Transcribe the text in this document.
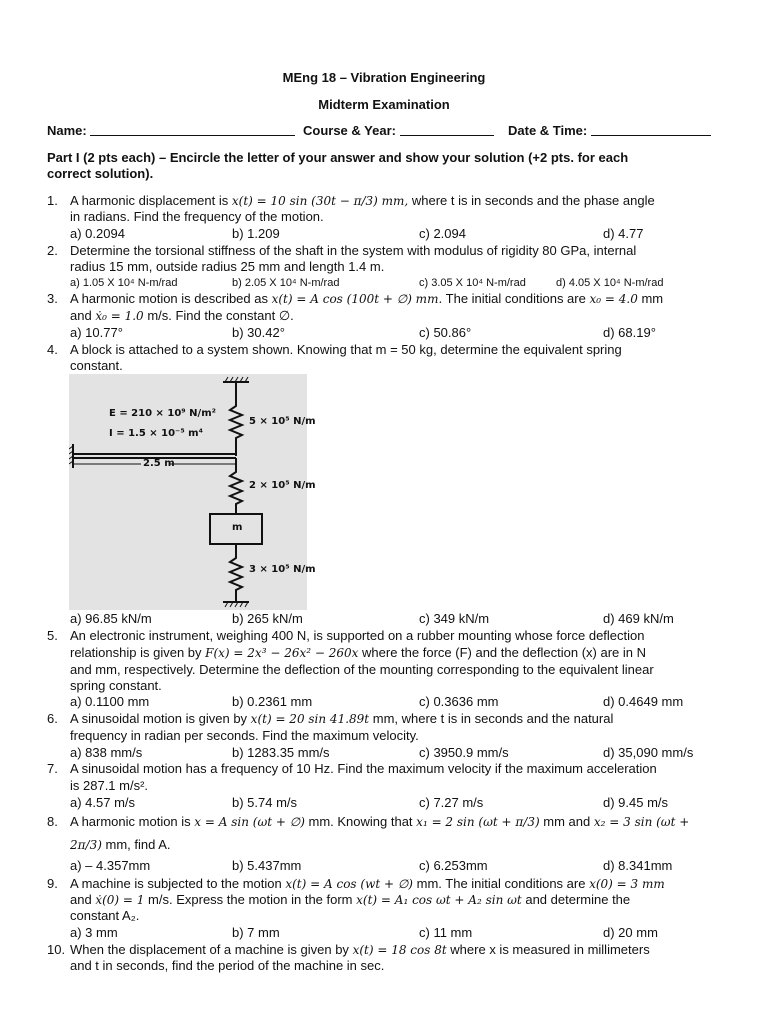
MEng 18 – Vibration Engineering
Midterm Examination
Name:	Course & Year:	Date & Time:
Part I (2 pts each) – Encircle the letter of your answer and show your solution (+2 pts. for each
correct solution).
1. A harmonic displacement is x(t) = 10 sin (30t − π/3) mm, where t is in seconds and the phase angle
in radians. Find the frequency of the motion.
a) 0.2094	b) 1.209	c) 2.094	d) 4.77
2. Determine the torsional stiffness of the shaft in the system with modulus of rigidity 80 GPa, internal
radius 15 mm, outside radius 25 mm and length 1.4 m.
a) 1.05 X 10⁴ N-m/rad	b) 2.05 X 10⁴ N-m/rad	c) 3.05 X 10⁴ N-m/rad	d) 4.05 X 10⁴ N-m/rad
3. A harmonic motion is described as x(t) = A cos (100t + ∅) mm. The initial conditions are x₀ = 4.0 mm
and ẋ₀ = 1.0 m/s. Find the constant ∅.
a) 10.77°	b) 30.42°	c) 50.86°	d) 68.19°
4. A block is attached to a system shown. Knowing that m = 50 kg, determine the equivalent spring
constant.
E = 210 × 10⁹ N/m²
I = 1.5 × 10⁻⁵ m⁴
2.5 m
5 × 10⁵ N/m
2 × 10⁵ N/m
3 × 10⁵ N/m
m
a) 96.85 kN/m	b) 265 kN/m	c) 349 kN/m	d) 469 kN/m
5. An electronic instrument, weighing 400 N, is supported on a rubber mounting whose force deflection
relationship is given by F(x) = 2x³ − 26x² − 260x where the force (F) and the deflection (x) are in N
and mm, respectively. Determine the deflection of the mounting corresponding to the equivalent linear
spring constant.
a) 0.1100 mm	b) 0.2361 mm	c) 0.3636 mm	d) 0.4649 mm
6. A sinusoidal motion is given by x(t) = 20 sin 41.89t mm, where t is in seconds and the natural
frequency in radian per seconds. Find the maximum velocity.
a) 838 mm/s	b) 1283.35 mm/s	c) 3950.9 mm/s	d) 35,090 mm/s
7. A sinusoidal motion has a frequency of 10 Hz. Find the maximum velocity if the maximum acceleration
is 287.1 m/s².
a) 4.57 m/s	b) 5.74 m/s	c) 7.27 m/s	d) 9.45 m/s
8. A harmonic motion is x = A sin (ωt + ∅) mm. Knowing that x₁ = 2 sin (ωt + π/3) mm and x₂ = 3 sin (ωt +
2π/3) mm, find A.
a) – 4.357mm	b) 5.437mm	c) 6.253mm	d) 8.341mm
9. A machine is subjected to the motion x(t) = A cos (wt + ∅) mm. The initial conditions are x(0) = 3 mm
and ẋ(0) = 1 m/s. Express the motion in the form x(t) = A₁ cos ωt + A₂ sin ωt and determine the
constant A₂.
a) 3 mm	b) 7 mm	c) 11 mm	d) 20 mm
10. When the displacement of a machine is given by x(t) = 18 cos 8t where x is measured in millimeters
and t in seconds, find the period of the machine in sec.
